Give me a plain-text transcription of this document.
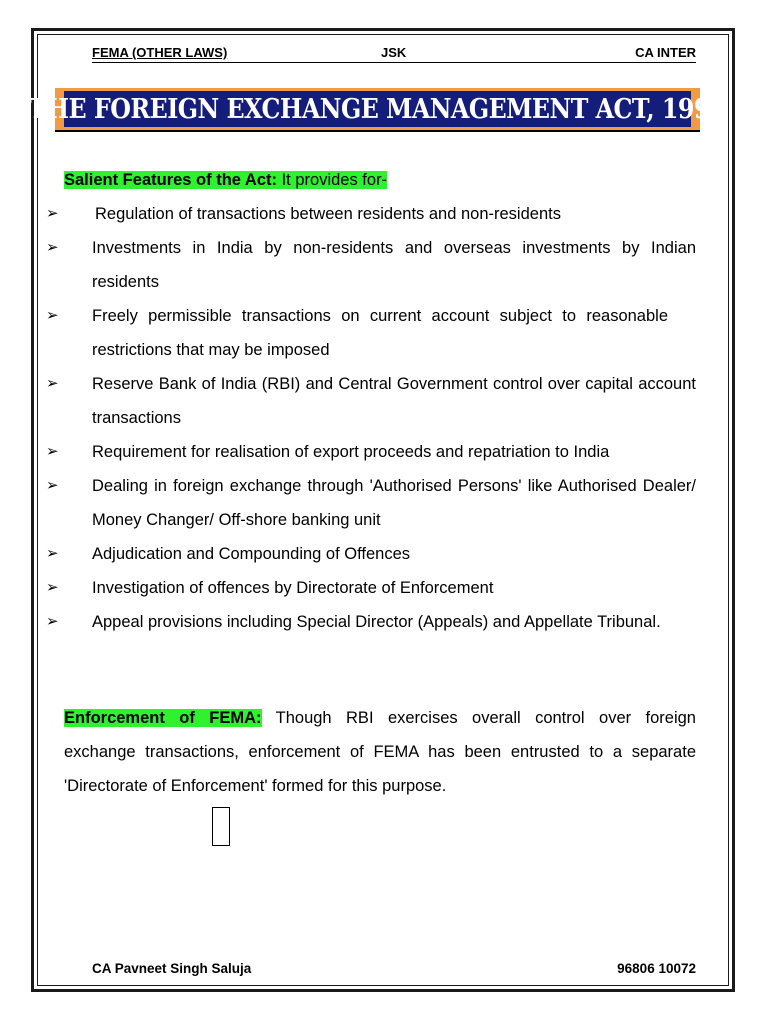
FEMA (OTHER LAWS)	JSK	CA INTER
THE FOREIGN EXCHANGE MANAGEMENT ACT, 1999
Salient Features of the Act: It provides for-
➢	Regulation of transactions between residents and non-residents
➢	Investments in India by non-residents and overseas investments by Indian residents
➢	Freely permissible transactions on current account subject to reasonable restrictions that may be imposed
➢	Reserve Bank of India (RBI) and Central Government control over capital account transactions
➢	Requirement for realisation of export proceeds and repatriation to India
➢	Dealing in foreign exchange through 'Authorised Persons' like Authorised Dealer/ Money Changer/ Off-shore banking unit
➢	Adjudication and Compounding of Offences
➢	Investigation of offences by Directorate of Enforcement
➢	Appeal provisions including Special Director (Appeals) and Appellate Tribunal.
Enforcement of FEMA: Though RBI exercises overall control over foreign
exchange transactions, enforcement of FEMA has been entrusted to a separate
'Directorate of Enforcement' formed for this purpose.
CA Pavneet Singh Saluja	96806 10072
